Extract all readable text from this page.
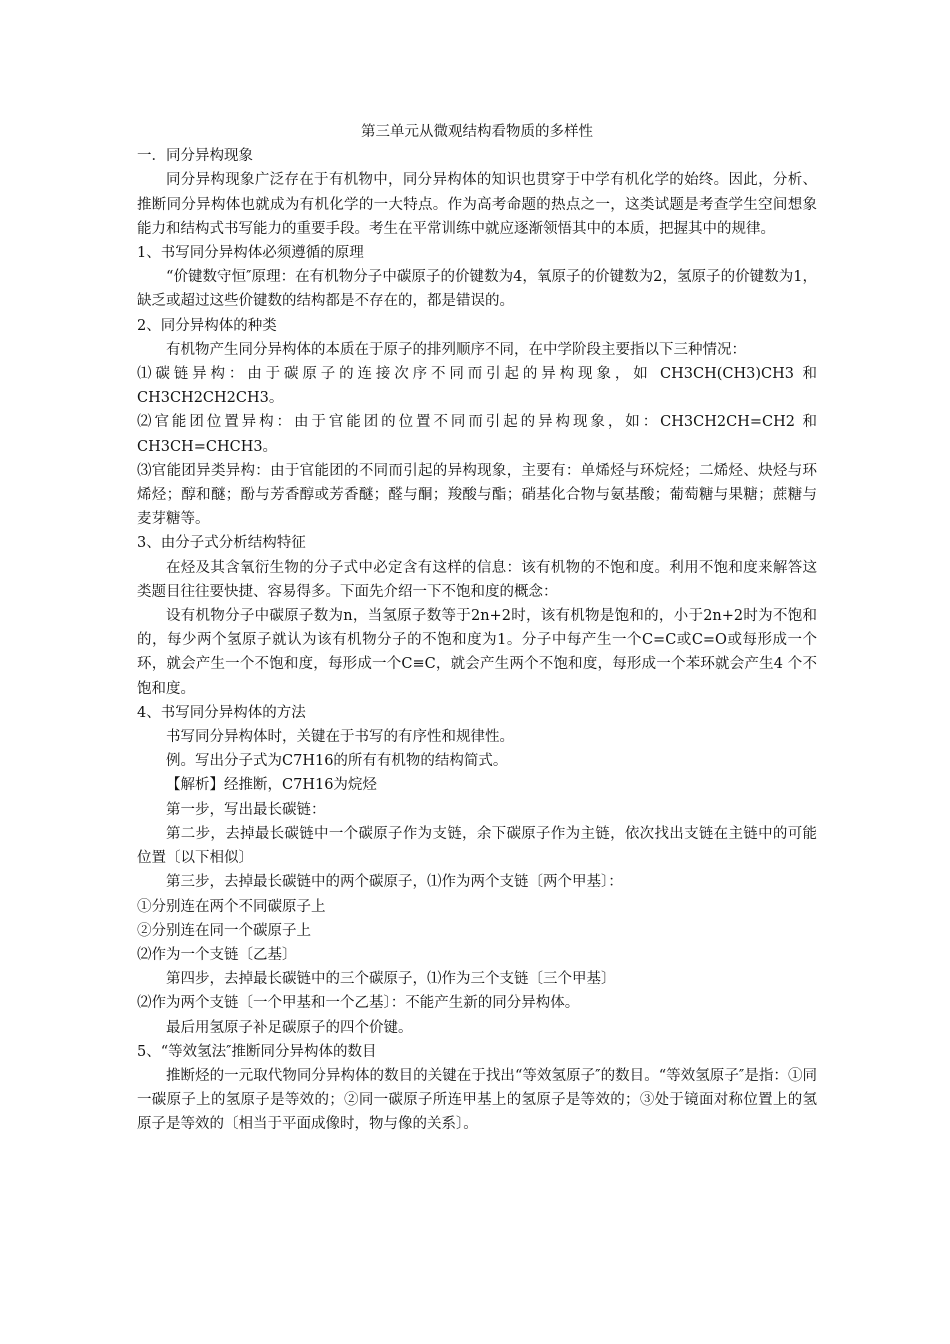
第三单元从微观结构看物质的多样性

一．同分异构现象

同分异构现象广泛存在于有机物中，同分异构体的知识也贯穿于中学有机化学的始终。因此，分析、推断同分异构体也就成为有机化学的一大特点。作为高考命题的热点之一，这类试题是考查学生空间想象能力和结构式书写能力的重要手段。考生在平常训练中就应逐渐领悟其中的本质，把握其中的规律。

1、书写同分异构体必须遵循的原理

“价键数守恒″原理：在有机物分子中碳原子的价键数为4，氧原子的价键数为2，氢原子的价键数为1，缺乏或超过这些价键数的结构都是不存在的，都是错误的。

2、同分异构体的种类

有机物产生同分异构体的本质在于原子的排列顺序不同，在中学阶段主要指以下三种情况：

⑴碳链异构：由于碳原子的连接次序不同而引起的异构现象，如 CH3CH(CH3)CH3 和 CH3CH2CH2CH3。

⑵官能团位置异构：由于官能团的位置不同而引起的异构现象，如：CH3CH2CH=CH2 和 CH3CH=CHCH3。

⑶官能团异类异构：由于官能团的不同而引起的异构现象，主要有：单烯烃与环烷烃；二烯烃、炔烃与环烯烃；醇和醚；酚与芳香醇或芳香醚；醛与酮；羧酸与酯；硝基化合物与氨基酸；葡萄糖与果糖；蔗糖与麦芽糖等。

3、由分子式分析结构特征

在烃及其含氧衍生物的分子式中必定含有这样的信息：该有机物的不饱和度。利用不饱和度来解答这类题目往往要快捷、容易得多。下面先介绍一下不饱和度的概念：

设有机物分子中碳原子数为n，当氢原子数等于2n+2时，该有机物是饱和的，小于2n+2时为不饱和的，每少两个氢原子就认为该有机物分子的不饱和度为1。分子中每产生一个C=C或C=O或每形成一个环，就会产生一个不饱和度，每形成一个C≡C，就会产生两个不饱和度，每形成一个苯环就会产生4 个不饱和度。

4、书写同分异构体的方法

书写同分异构体时，关键在于书写的有序性和规律性。

例。写出分子式为C7H16的所有有机物的结构简式。

【解析】经推断，C7H16为烷烃

第一步，写出最长碳链：

第二步，去掉最长碳链中一个碳原子作为支链，余下碳原子作为主链，依次找出支链在主链中的可能位置〔以下相似〕

第三步，去掉最长碳链中的两个碳原子，⑴作为两个支链〔两个甲基〕：

①分别连在两个不同碳原子上

②分别连在同一个碳原子上

⑵作为一个支链〔乙基〕

第四步，去掉最长碳链中的三个碳原子，⑴作为三个支链〔三个甲基〕

⑵作为两个支链〔一个甲基和一个乙基〕：不能产生新的同分异构体。

最后用氢原子补足碳原子的四个价键。

5、“等效氢法″推断同分异构体的数目

推断烃的一元取代物同分异构体的数目的关键在于找出“等效氢原子″的数目。“等效氢原子″是指：①同一碳原子上的氢原子是等效的；②同一碳原子所连甲基上的氢原子是等效的；③处于镜面对称位置上的氢原子是等效的〔相当于平面成像时，物与像的关系〕。
